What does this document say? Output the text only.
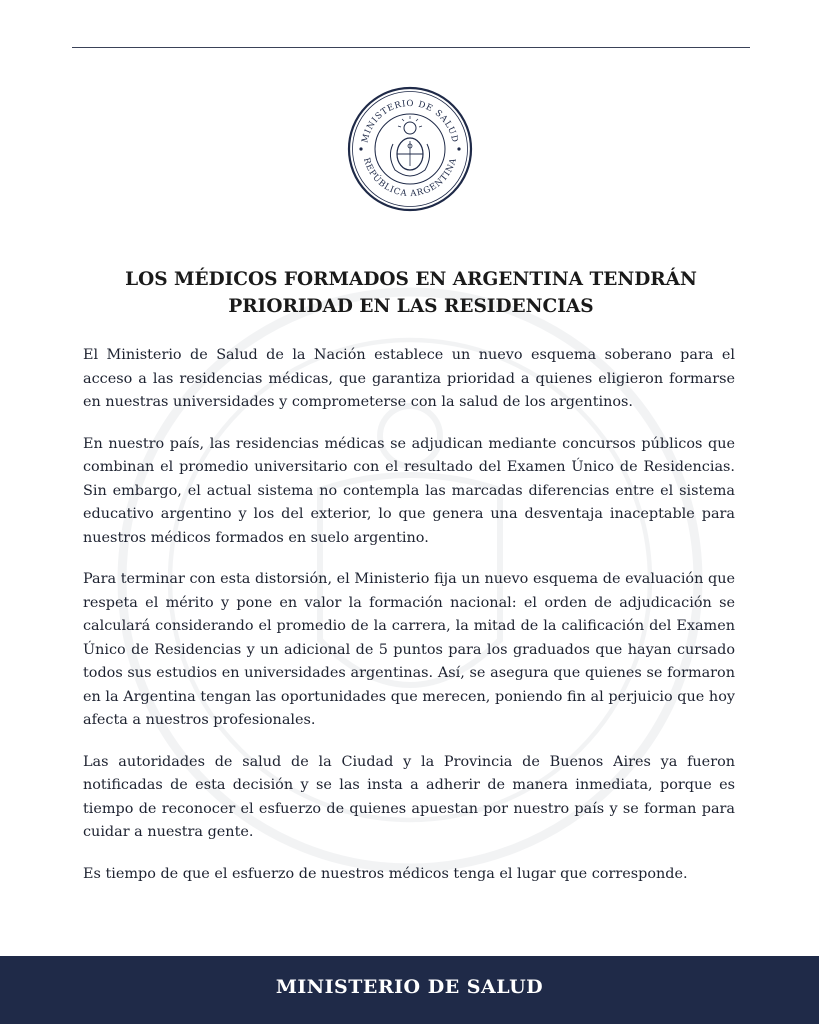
MINISTERIO DE SALUD
REPÚBLICA ARGENTINA
LOS MÉDICOS FORMADOS EN ARGENTINA TENDRÁN
PRIORIDAD EN LAS RESIDENCIAS

El Ministerio de Salud de la Nación establece un nuevo esquema soberano para el acceso a las residencias médicas, que garantiza prioridad a quienes eligieron formarse en nuestras universidades y comprometerse con la salud de los argentinos.

En nuestro país, las residencias médicas se adjudican mediante concursos públicos que combinan el promedio universitario con el resultado del Examen Único de Residencias. Sin embargo, el actual sistema no contempla las marcadas diferencias entre el sistema educativo argentino y los del exterior, lo que genera una desventaja inaceptable para nuestros médicos formados en suelo argentino.

Para terminar con esta distorsión, el Ministerio fija un nuevo esquema de evaluación que respeta el mérito y pone en valor la formación nacional: el orden de adjudicación se calculará considerando el promedio de la carrera, la mitad de la calificación del Examen Único de Residencias y un adicional de 5 puntos para los graduados que hayan cursado todos sus estudios en universidades argentinas. Así, se asegura que quienes se formaron en la Argentina tengan las oportunidades que merecen, poniendo fin al perjuicio que hoy afecta a nuestros profesionales.

Las autoridades de salud de la Ciudad y la Provincia de Buenos Aires ya fueron notificadas de esta decisión y se las insta a adherir de manera inmediata, porque es tiempo de reconocer el esfuerzo de quienes apuestan por nuestro país y se forman para cuidar a nuestra gente.

Es tiempo de que el esfuerzo de nuestros médicos tenga el lugar que corresponde.

MINISTERIO DE SALUD
